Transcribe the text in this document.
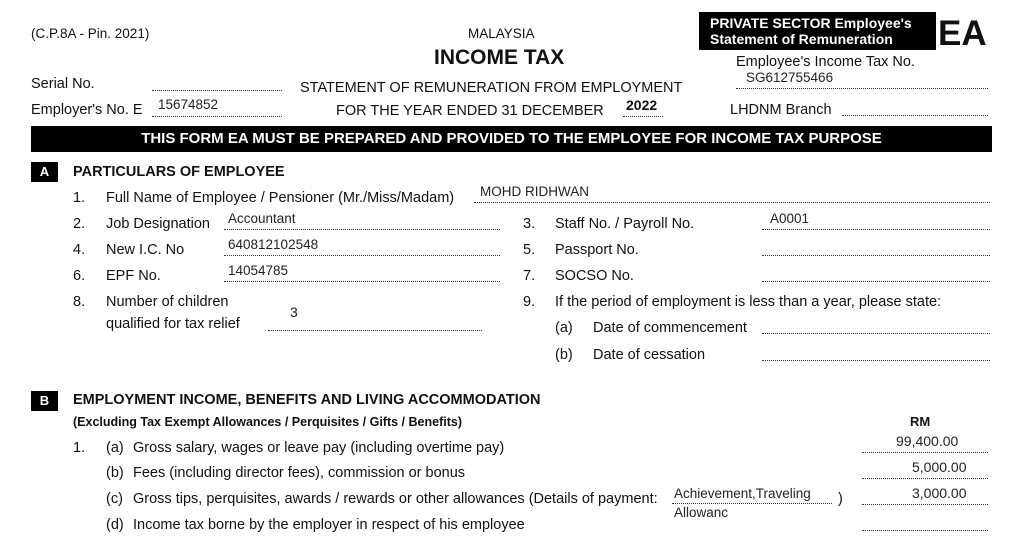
(C.P.8A - Pin. 2021)	MALAYSIA
INCOME TAX
PRIVATE SECTOR Employee's
Statement of Remuneration	EA
Serial No.	STATEMENT OF REMUNERATION FROM EMPLOYMENT
Employee's Income Tax No.
SG612755466
Employer's No. E 15674852	FOR THE YEAR ENDED 31 DECEMBER 2022	LHDNM Branch
THIS FORM EA MUST BE PREPARED AND PROVIDED TO THE EMPLOYEE FOR INCOME TAX PURPOSE
A	PARTICULARS OF EMPLOYEE
1. Full Name of Employee / Pensioner (Mr./Miss/Madam) MOHD RIDHWAN
2. Job Designation Accountant	3. Staff No. / Payroll No.	A0001
4. New I.C. No	640812102548	5. Passport No.
6. EPF No.	14054785	7. SOCSO No.
8. Number of children
qualified for tax relief
3
9. If the period of employment is less than a year, please state:
(a) Date of commencement
(b) Date of cessation
B	EMPLOYMENT INCOME, BENEFITS AND LIVING ACCOMMODATION
(Excluding Tax Exempt Allowances / Perquisites / Gifts / Benefits)	RM
1. (a) Gross salary, wages or leave pay (including overtime pay)	99,400.00
(b) Fees (including director fees), commission or bonus	5,000.00
(c) Gross tips, perquisites, awards / rewards or other allowances (Details of payment: Achievement,Traveling )
Allowanc
3,000.00
(d) Income tax borne by the employer in respect of his employee
